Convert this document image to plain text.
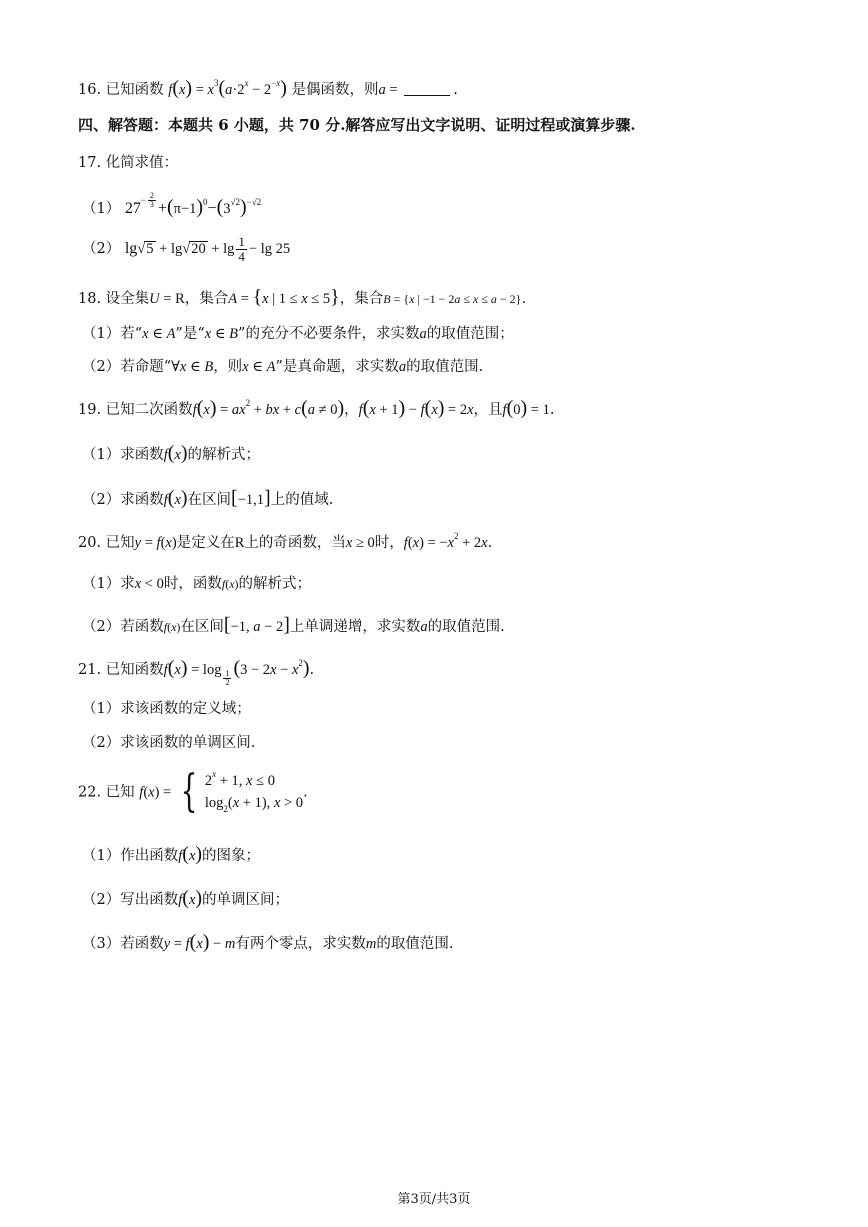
16. 已知函数 $f(x) = x^3(a\cdot 2^x - 2^{-x})$ 是偶函数，则a =	.
四、解答题：本题共 6 小题，共 70 分.解答应写出文字说明、证明过程或演算步骤.
17. 化简求值：
（1） $27^{- \frac{2}{3}} +(\pi-1)^0-(3^{√2})^{-√2}$
（2） $\lg√5 + \lg√20 + \lg \frac{1}{4} - \lg 25$
18. 设全集U = R，集合A = {x | 1 ≤ x ≤ 5}，集合B = {x | −1 − 2a ≤ x ≤ a − 2}.
（1）若“x ∈ A”是“x ∈ B”的充分不必要条件，求实数a的取值范围；
（2）若命题“∀x ∈ B，则x ∈ A”是真命题，求实数a的取值范围.
19. 已知二次函数$f(x) = ax^2$ + bx + c(a ≠ 0)，f(x + 1) − f(x) = 2x，且f(0) = 1.
（1）求函数f(x)的解析式；
（2）求函数f(x)在区间[−1,1]上的值域.
20. 已知y = f(x)是定义在R上的奇函数，当x ≥ 0时，$f(x) = -x^2 + 2x$.
（1）求x < 0时，函数f(x)的解析式；
（2）若函数f(x)在区间[−1, a − 2]上单调递增，求实数a的取值范围.
21. 已知函数f(x) = log $_{\frac{1}{2}}$ $(3 - 2x - x^2)$.
（1）求该函数的定义域；
（2）求该函数的单调区间.
22. 已知 f(x) = { $2^x + 1$, x ≤ 0
$\log_2(x + 1)$, x > 0
.
（1）作出函数f(x)的图象；
（2）写出函数f(x)的单调区间；
（3）若函数y = f(x) − m有两个零点，求实数m的取值范围.
第3页/共3页
